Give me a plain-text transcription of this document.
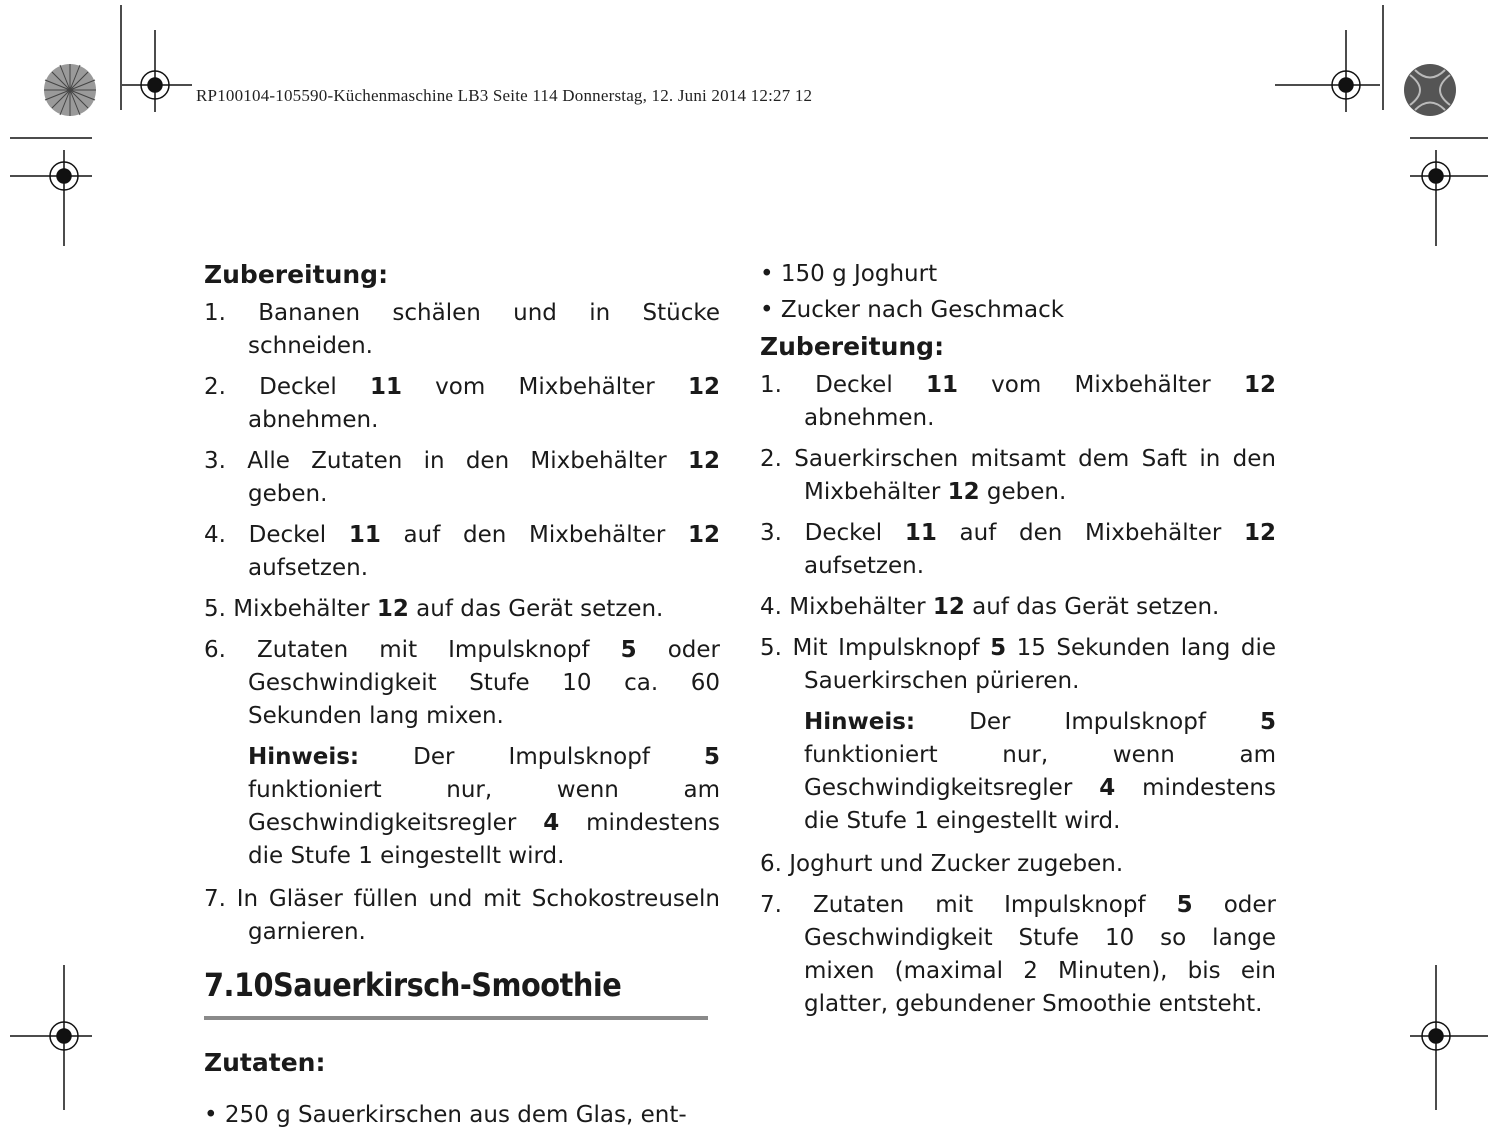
RP100104-105590-Küchenmaschine LB3 Seite 114 Donnerstag, 12. Juni 2014 12:27 12
Zubereitung:
1. Bananen schälen und in Stücke schneiden.
2. Deckel 11 vom Mixbehälter 12 abnehmen.
3. Alle Zutaten in den Mixbehälter 12 geben.
4. Deckel 11 auf den Mixbehälter 12 aufsetzen.
5. Mixbehälter 12 auf das Gerät setzen.
6. Zutaten mit Impulsknopf 5 oder Geschwindigkeit Stufe 10 ca. 60 Sekunden lang mixen.
Hinweis: Der Impulsknopf 5 funktioniert nur, wenn am Geschwindigkeitsregler 4 mindestens die Stufe 1 eingestellt wird.
7. In Gläser füllen und mit Schokostreuseln garnieren.
7.10Sauerkirsch-Smoothie
Zutaten:
• 250 g Sauerkirschen aus dem Glas, ent-
• 150 g Joghurt
• Zucker nach Geschmack
Zubereitung:
1. Deckel 11 vom Mixbehälter 12 abnehmen.
2. Sauerkirschen mitsamt dem Saft in den Mixbehälter 12 geben.
3. Deckel 11 auf den Mixbehälter 12 aufsetzen.
4. Mixbehälter 12 auf das Gerät setzen.
5. Mit Impulsknopf 5 15 Sekunden lang die Sauerkirschen pürieren.
Hinweis: Der Impulsknopf 5 funktioniert nur, wenn am Geschwindigkeitsregler 4 mindestens die Stufe 1 eingestellt wird.
6. Joghurt und Zucker zugeben.
7. Zutaten mit Impulsknopf 5 oder Geschwindigkeit Stufe 10 so lange mixen (maximal 2 Minuten), bis ein glatter, gebundener Smoothie entsteht.
